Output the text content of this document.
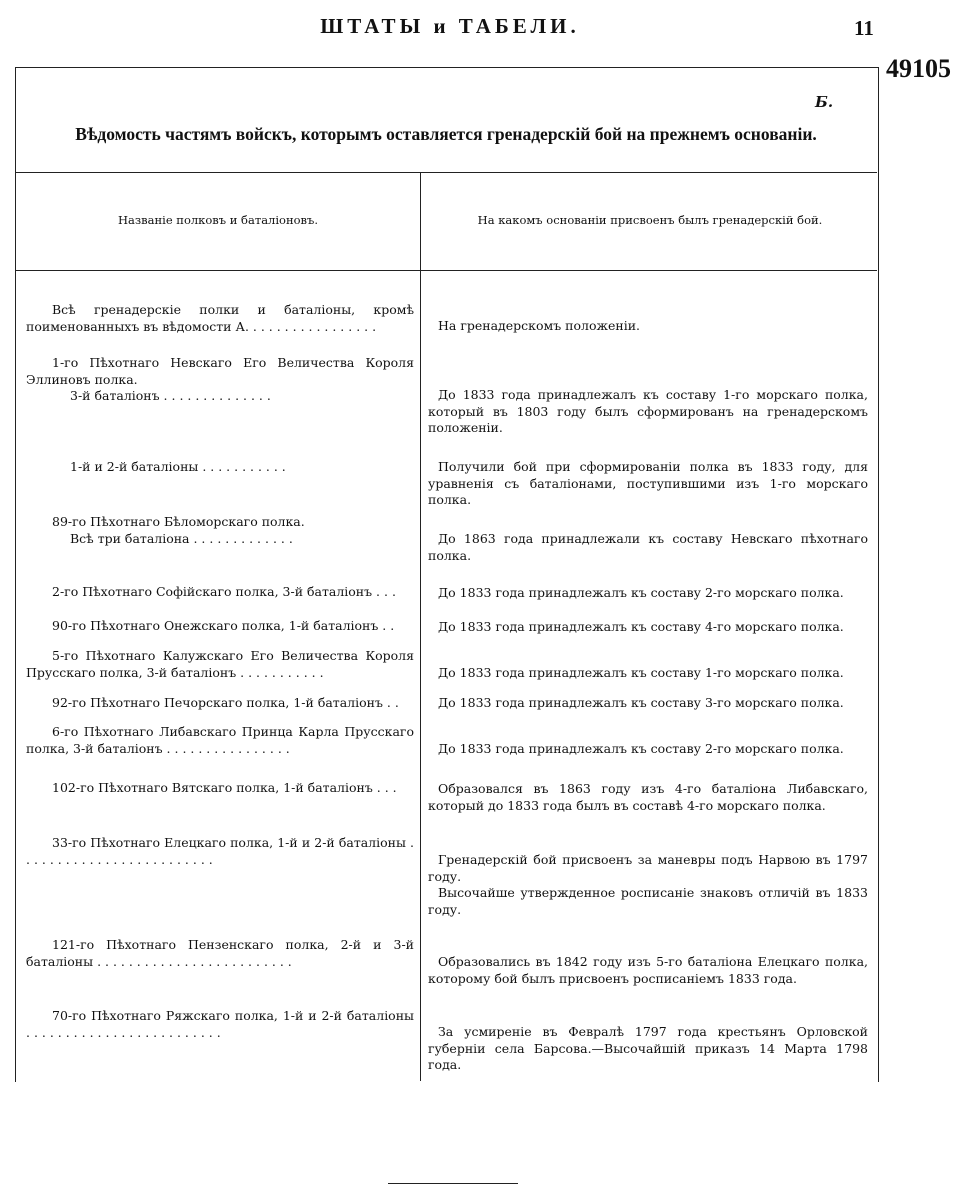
ШТАТЫ и ТАБЕЛИ.	11
49105
Б.
Вѣдомость частямъ войскъ, которымъ оставляется гренадерскій бой на прежнемъ основаніи.
Названіе полковъ и баталіоновъ.	На какомъ основаніи присвоенъ былъ гренадерскій бой.

Всѣ гренадерскіе полки и баталіоны, кромѣ поименованныхъ въ вѣдомости А. . . . . . . . . . . . . . . . .	На гренадерскомъ положеніи.

1-го Пѣхотнаго Невскаго Его Величества Короля Эллиновъ полка.

3-й баталіонъ . . . . . . . . . . . . . .	До 1833 года принадлежалъ къ составу 1-го морскаго полка, который въ 1803 году былъ сформированъ на гренадерскомъ положеніи.

1-й и 2-й баталіоны . . . . . . . . . . .	Получили бой при сформированіи полка въ 1833 году, для уравненія съ баталіонами, поступившими изъ 1-го морскаго полка.

89-го Пѣхотнаго Бѣломорскаго полка.

Всѣ три баталіона . . . . . . . . . . . . .	До 1863 года принадлежали къ составу Невскаго пѣхотнаго полка.

2-го Пѣхотнаго Софійскаго полка, 3-й баталіонъ . . .	До 1833 года принадлежалъ къ составу 2-го морскаго полка.

90-го Пѣхотнаго Онежскаго полка, 1-й баталіонъ . .	До 1833 года принадлежалъ къ составу 4-го морскаго полка.

5-го Пѣхотнаго Калужскаго Его Величества Короля Прусскаго полка, 3-й баталіонъ . . . . . . . . . . .	До 1833 года принадлежалъ къ составу 1-го морскаго полка.

92-го Пѣхотнаго Печорскаго полка, 1-й баталіонъ . .	До 1833 года принадлежалъ къ составу 3-го морскаго полка.

6-го Пѣхотнаго Либавскаго Принца Карла Прусскаго полка, 3-й баталіонъ . . . . . . . . . . . . . . . .	До 1833 года принадлежалъ къ составу 2-го морскаго полка.

102-го Пѣхотнаго Вятскаго полка, 1-й баталіонъ . . .	Образовался въ 1863 году изъ 4-го баталіона Либавскаго, который до 1833 года былъ въ составѣ 4-го морскаго полка.

33-го Пѣхотнаго Елецкаго полка, 1-й и 2-й баталіоны . . . . . . . . . . . . . . . . . . . . . . . . .	Гренадерскій бой присвоенъ за маневры подъ Нарвою въ 1797 году.

Высочайше утвержденное росписаніе знаковъ отличій въ 1833 году.

121-го Пѣхотнаго Пензенскаго полка, 2-й и 3-й баталіоны . . . . . . . . . . . . . . . . . . . . . . . . .	Образовались въ 1842 году изъ 5-го баталіона Елецкаго полка, которому бой былъ присвоенъ росписаніемъ 1833 года.

70-го Пѣхотнаго Ряжскаго полка, 1-й и 2-й баталіоны . . . . . . . . . . . . . . . . . . . . . . . . .	За усмиреніе въ Февралѣ 1797 года крестьянъ Орловской губерніи села Барсова.—Высочайшій приказъ 14 Марта 1798 года.
